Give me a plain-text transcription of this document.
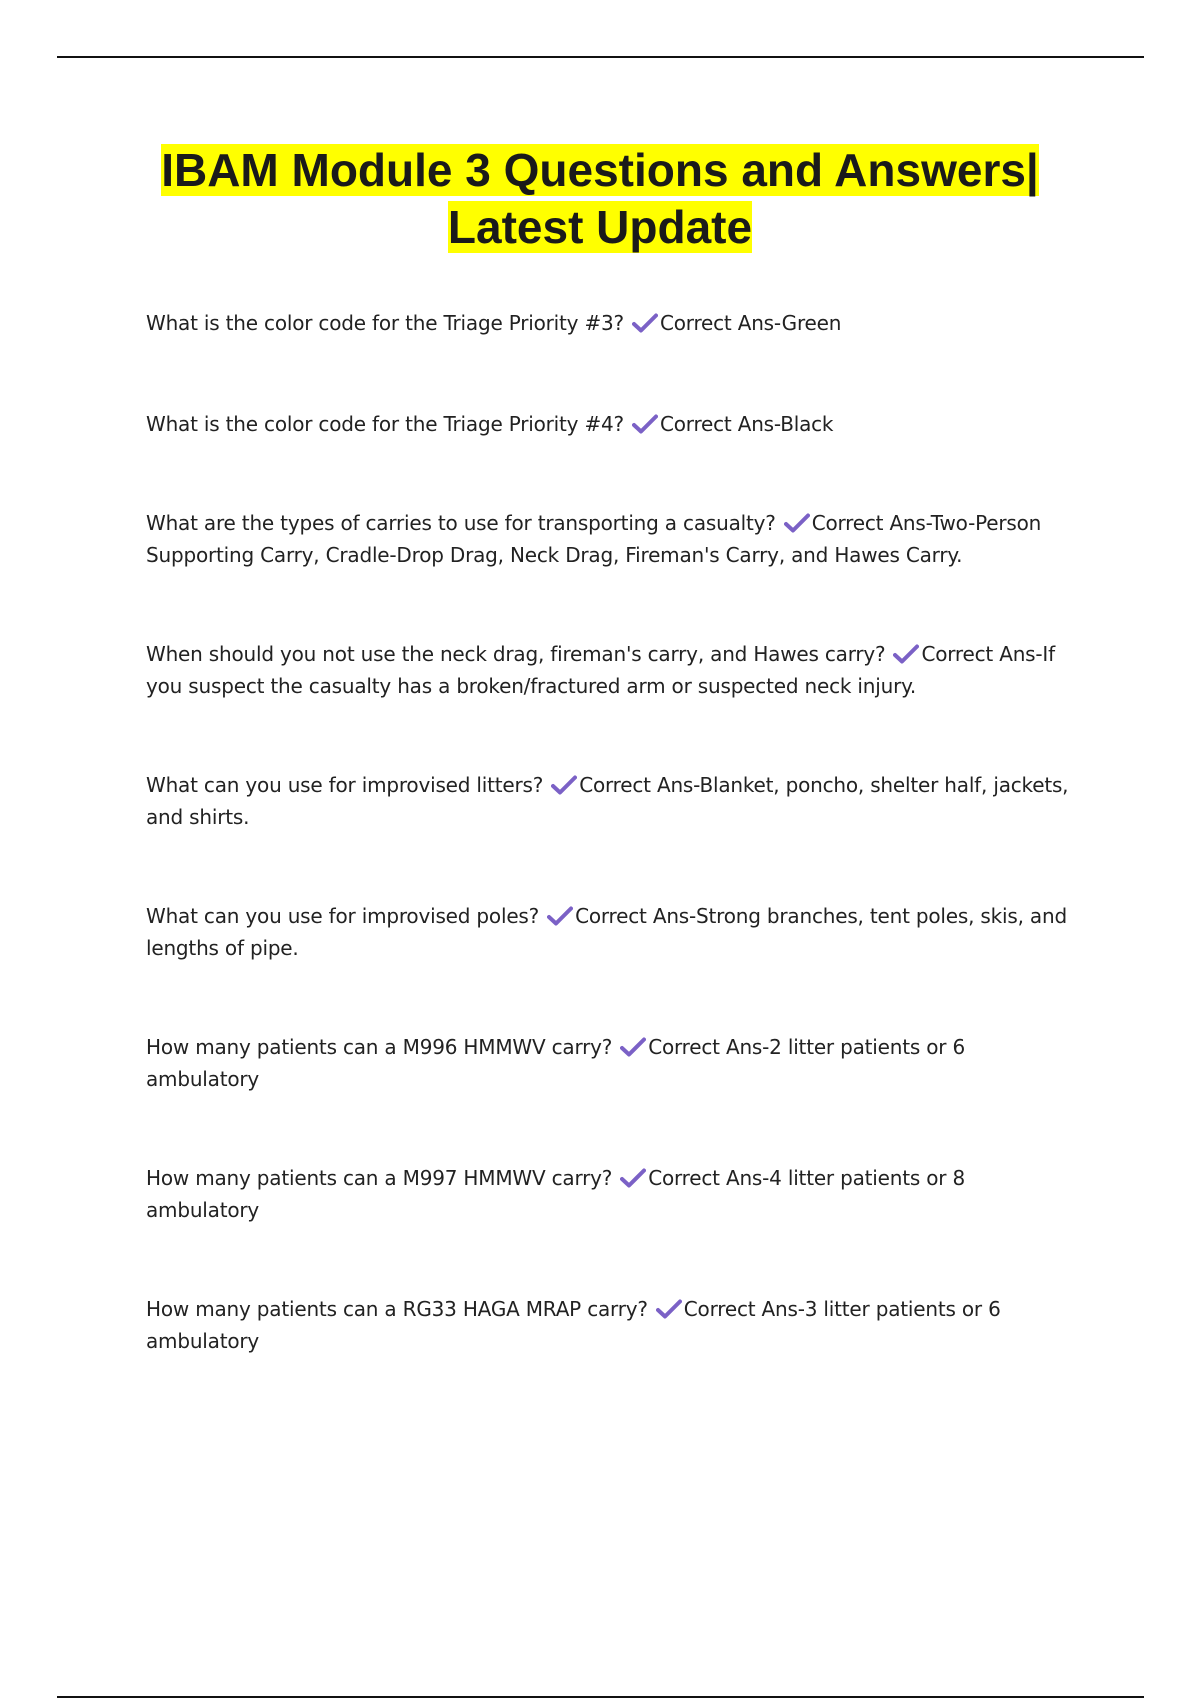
IBAM Module 3 Questions and Answers| Latest Update
What is the color code for the Triage Priority #3? Correct Ans-Green
What is the color code for the Triage Priority #4? Correct Ans-Black
What are the types of carries to use for transporting a casualty? Correct Ans-Two-Person Supporting Carry, Cradle-Drop Drag, Neck Drag, Fireman's Carry, and Hawes Carry.
When should you not use the neck drag, fireman's carry, and Hawes carry? Correct Ans-If you suspect the casualty has a broken/fractured arm or suspected neck injury.
What can you use for improvised litters? Correct Ans-Blanket, poncho, shelter half, jackets, and shirts.
What can you use for improvised poles? Correct Ans-Strong branches, tent poles, skis, and lengths of pipe.
How many patients can a M996 HMMWV carry? Correct Ans-2 litter patients or 6 ambulatory
How many patients can a M997 HMMWV carry? Correct Ans-4 litter patients or 8 ambulatory
How many patients can a RG33 HAGA MRAP carry? Correct Ans-3 litter patients or 6 ambulatory
